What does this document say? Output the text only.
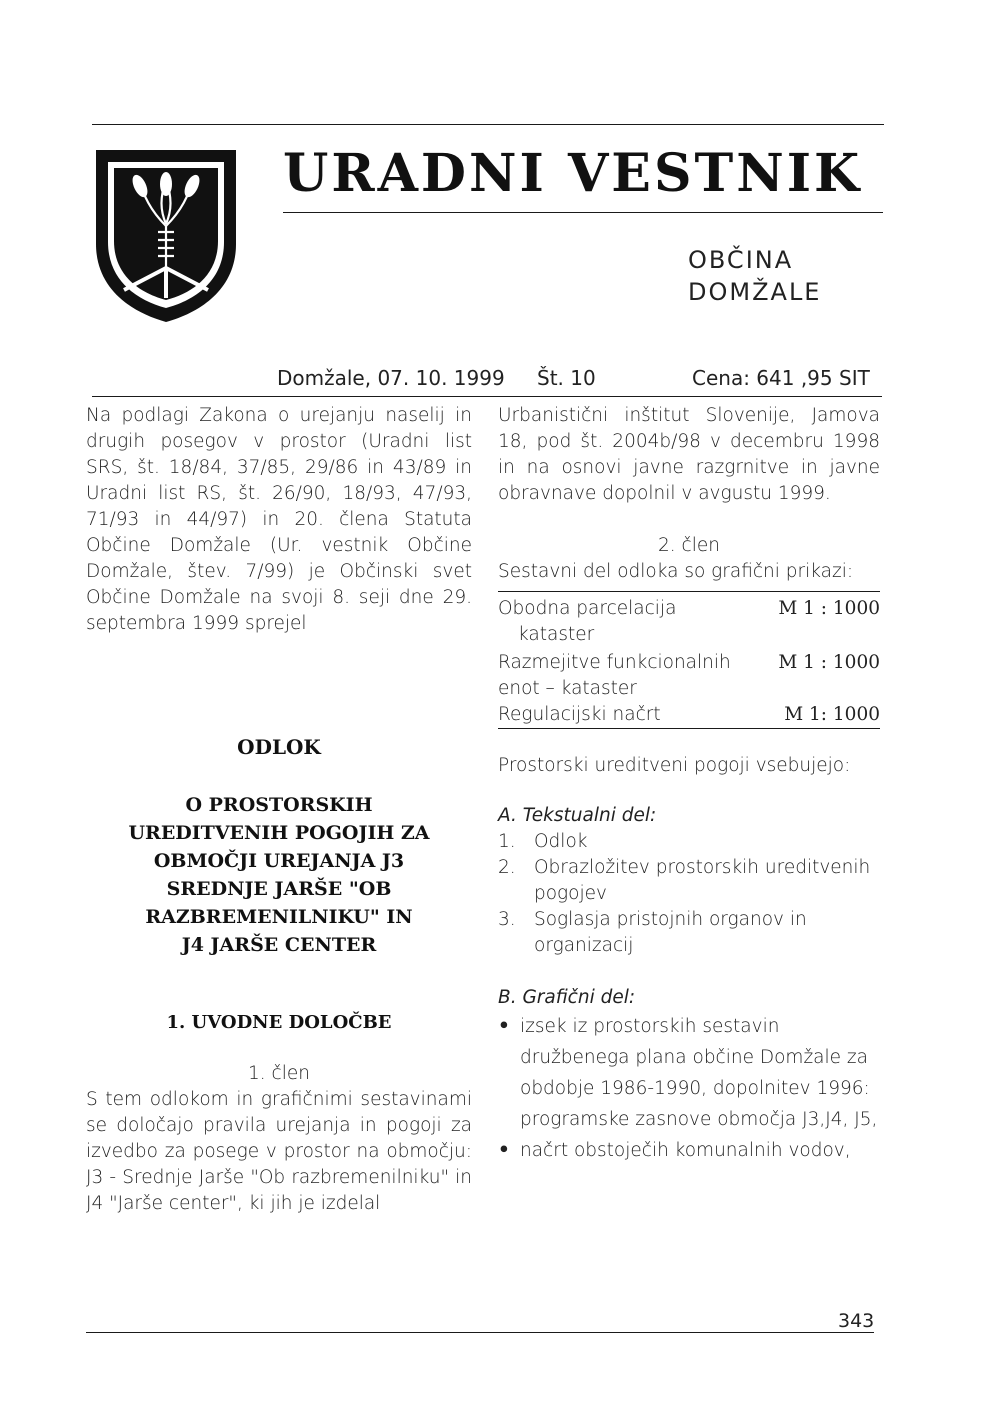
URADNI VESTNIK
OBČINA
DOMŽALE
Domžale, 07. 10. 1999 Št. 10	Cena: 641 ,95 SIT

Na podlagi Zakona o urejanju naselij in drugih posegov v prostor (Uradni list SRS, št. 18/84, 37/85, 29/86 in 43/89 in Uradni list RS, št. 26/90, 18/93, 47/93, 71/93 in 44/97) in 20. člena Statuta Občine Domžale (Ur. vestnik Občine Domžale, štev. 7/99) je Občinski svet Občine Domžale na svoji 8. seji dne 29. septembra 1999 sprejel

ODLOK

O PROSTORSKIH

UREDITVENIH POGOJIH ZA

OBMOČJI UREJANJA J3

SREDNJE JARŠE "OB

RAZBREMENILNIKU" IN

J4 JARŠE CENTER

1. UVODNE DOLOČBE

1. člen

S tem odlokom in grafičnimi sestavinami se določajo pravila urejanja in pogoji za izvedbo za posege v prostor na območju: J3 - Srednje Jarše "Ob razbremenilniku" in J4 "Jarše center", ki jih je izdelal

Urbanistični inštitut Slovenije, Jamova 18, pod št. 2004b/98 v decembru 1998 in na osnovi javne razgrnitve in javne obravnave dopolnil v avgustu 1999.

2. člen

Sestavni del odloka so grafični prikazi:

Obodna parcelacija	M 1 : 1000
kataster
Razmejitve funkcionalnih	M 1 : 1000
enot – kataster
Regulacijski načrt	M 1: 1000

Prostorski ureditveni pogoji vsebujejo:

A. Tekstualni del:

1. Odlok
2. Obrazložitev prostorskih ureditvenih pogojev
3. Soglasja pristojnih organov in organizacij

B. Grafični del:

• izsek iz prostorskih sestavin družbenega plana občine Domžale za obdobje 1986-1990, dopolnitev 1996: programske zasnove območja J3,J4, J5,
• načrt obstoječih komunalnih vodov,
343
